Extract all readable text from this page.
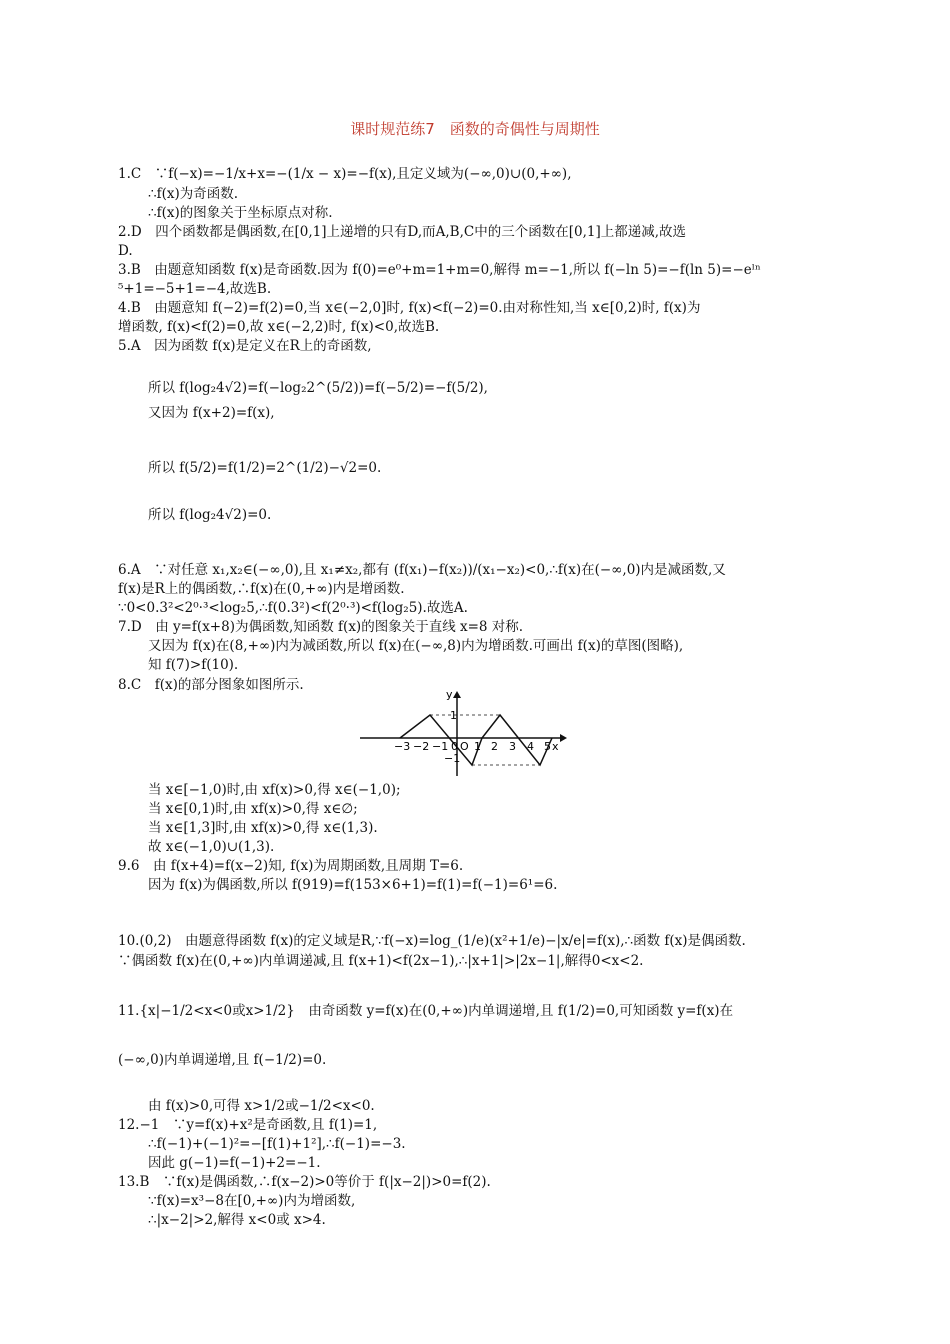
课时规范练7　函数的奇偶性与周期性
1.C　∵f(−x)=−1/x+x=−(1/x − x)=−f(x),且定义域为(−∞,0)∪(0,+∞),
∴f(x)为奇函数.
∴f(x)的图象关于坐标原点对称.
2.D　四个函数都是偶函数,在[0,1]上递增的只有D,而A,B,C中的三个函数在[0,1]上都递减,故选
D.
3.B　由题意知函数 f(x)是奇函数.因为 f(0)=e⁰+m=1+m=0,解得 m=−1,所以 f(−ln 5)=−f(ln 5)=−eˡⁿ
⁵+1=−5+1=−4,故选B.
4.B　由题意知 f(−2)=f(2)=0,当 x∈(−2,0]时, f(x)<f(−2)=0.由对称性知,当 x∈[0,2)时, f(x)为
增函数, f(x)<f(2)=0,故 x∈(−2,2)时, f(x)<0,故选B.
5.A　因为函数 f(x)是定义在R上的奇函数,
所以 f(log₂4√2)=f(−log₂2^(5/2))=f(−5/2)=−f(5/2),
又因为 f(x+2)=f(x),
所以 f(5/2)=f(1/2)=2^(1/2)−√2=0.
所以 f(log₂4√2)=0.
6.A　∵对任意 x₁,x₂∈(−∞,0),且 x₁≠x₂,都有 (f(x₁)−f(x₂))/(x₁−x₂)<0,∴f(x)在(−∞,0)内是减函数,又
f(x)是R上的偶函数,∴f(x)在(0,+∞)内是增函数.
∵0<0.3²<2⁰·³<log₂5,∴f(0.3²)<f(2⁰·³)<f(log₂5).故选A.
7.D　由 y=f(x+8)为偶函数,知函数 f(x)的图象关于直线 x=8 对称.
又因为 f(x)在(8,+∞)内为减函数,所以 f(x)在(−∞,8)内为增函数.可画出 f(x)的草图(图略),
知 f(7)>f(10).
8.C　f(x)的部分图象如图所示.
y
x
1
−1
O
−3 −2 −1 0 1 2 3 4 5
当 x∈[−1,0)时,由 xf(x)>0,得 x∈(−1,0);
当 x∈[0,1)时,由 xf(x)>0,得 x∈∅;
当 x∈[1,3]时,由 xf(x)>0,得 x∈(1,3).
故 x∈(−1,0)∪(1,3).
9.6　由 f(x+4)=f(x−2)知, f(x)为周期函数,且周期 T=6.
因为 f(x)为偶函数,所以 f(919)=f(153×6+1)=f(1)=f(−1)=6¹=6.
10.(0,2)　由题意得函数 f(x)的定义域是R,∵f(−x)=log_(1/e)(x²+1/e)−|x/e|=f(x),∴函数 f(x)是偶函数.
∵偶函数 f(x)在(0,+∞)内单调递减,且 f(x+1)<f(2x−1),∴|x+1|>|2x−1|,解得0<x<2.
11.{x|−1/2<x<0或x>1/2}　由奇函数 y=f(x)在(0,+∞)内单调递增,且 f(1/2)=0,可知函数 y=f(x)在
(−∞,0)内单调递增,且 f(−1/2)=0.
由 f(x)>0,可得 x>1/2或−1/2<x<0.
12.−1　∵y=f(x)+x²是奇函数,且 f(1)=1,
∴f(−1)+(−1)²=−[f(1)+1²],∴f(−1)=−3.
因此 g(−1)=f(−1)+2=−1.
13.B　∵f(x)是偶函数,∴f(x−2)>0等价于 f(|x−2|)>0=f(2).
∵f(x)=x³−8在[0,+∞)内为增函数,
∴|x−2|>2,解得 x<0或 x>4.
